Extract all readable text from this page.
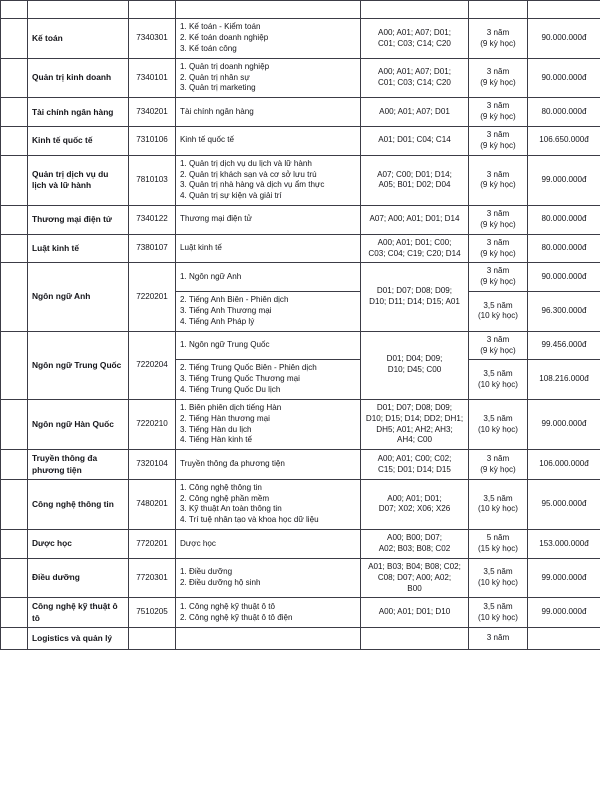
STT	Ngành	Mã ngành	Chuyên ngành	THPT	Thời gian	Học phí

1	Kế toán	7340301	1. Kế toán - Kiểm toán
2. Kế toán doanh nghiệp
3. Kế toán công	A00; A01; A07; D01;
C01; C03; C14; C20	3 năm
(9 kỳ học)	90.000.000đ
2	Quản trị kinh doanh	7340101	1. Quản trị doanh nghiệp
2. Quản trị nhân sự
3. Quản trị marketing	A00; A01; A07; D01;
C01; C03; C14; C20	3 năm
(9 kỳ học)	90.000.000đ
3	Tài chính ngân hàng	7340201	Tài chính ngân hàng	A00; A01; A07; D01	3 năm
(9 kỳ học)	80.000.000đ
4	Kinh tế quốc tế	7310106	Kinh tế quốc tế	A01; D01; C04; C14	3 năm
(9 kỳ học)	106.650.000đ
5	Quản trị dịch vụ du lịch và lữ hành	7810103	1. Quản trị dịch vụ du lịch và lữ hành
2. Quản trị khách sạn và cơ sở lưu trú
3. Quản trị nhà hàng và dịch vụ ẩm thực
4. Quản trị sự kiện và giải trí	A07; C00; D01; D14;
A05; B01; D02; D04	3 năm
(9 kỳ học)	99.000.000đ
6	Thương mại điện tử	7340122	Thương mại điện tử	A07; A00; A01; D01; D14	3 năm
(9 kỳ học)	80.000.000đ
7	Luật kinh tế	7380107	Luật kinh tế	A00; A01; D01; C00;
C03; C04; C19; C20; D14	3 năm
(9 kỳ học)	80.000.000đ
8	Ngôn ngữ Anh	7220201	1. Ngôn ngữ Anh	D01; D07; D08; D09;
D10; D11; D14; D15; A01	3 năm
(9 kỳ học)	90.000.000đ

			2. Tiếng Anh Biên - Phiên dịch
3. Tiếng Anh Thương mại
4. Tiếng Anh Pháp lý		3,5 năm
(10 kỳ học)	96.300.000đ
9	Ngôn ngữ Trung Quốc	7220204	1. Ngôn ngữ Trung Quốc	D01; D04; D09;
D10; D45; C00	3 năm
(9 kỳ học)	99.456.000đ

			2. Tiếng Trung Quốc Biên - Phiên dịch
3. Tiếng Trung Quốc Thương mại
4. Tiếng Trung Quốc Du lịch		3,5 năm
(10 kỳ học)	108.216.000đ
10	Ngôn ngữ Hàn Quốc	7220210	1. Biên phiên dịch tiếng Hàn
2. Tiếng Hàn thương mại
3. Tiếng Hàn du lịch
4. Tiếng Hàn kinh tế	D01; D07; D08; D09;
D10; D15; D14; DD2; DH1;
DH5; A01; AH2; AH3;
AH4; C00	3,5 năm
(10 kỳ học)	99.000.000đ
11	Truyền thông đa phương tiện	7320104	Truyền thông đa phương tiện	A00; A01; C00; C02;
C15; D01; D14; D15	3 năm
(9 kỳ học)	106.000.000đ
12	Công nghệ thông tin	7480201	1. Công nghệ thông tin
2. Công nghệ phần mềm
3. Kỹ thuật An toàn thông tin
4. Trí tuệ nhân tạo và khoa học dữ liệu	A00; A01; D01;
D07; X02; X06; X26	3,5 năm
(10 kỳ học)	95.000.000đ
13	Dược học	7720201	Dược học	A00; B00; D07;
A02; B03; B08; C02	5 năm
(15 kỳ học)	153.000.000đ
14	Điều dưỡng	7720301	1. Điều dưỡng
2. Điều dưỡng hộ sinh	A01; B03; B04; B08; C02;
C08; D07; A00; A02;
B00	3,5 năm
(10 kỳ học)	99.000.000đ
15	Công nghệ kỹ thuật ô tô	7510205	1. Công nghệ kỹ thuật ô tô
2. Công nghệ kỹ thuật ô tô điện	A00; A01; D01; D10	3,5 năm
(10 kỳ học)	99.000.000đ
16	Logistics và quản lý				3 năm	
